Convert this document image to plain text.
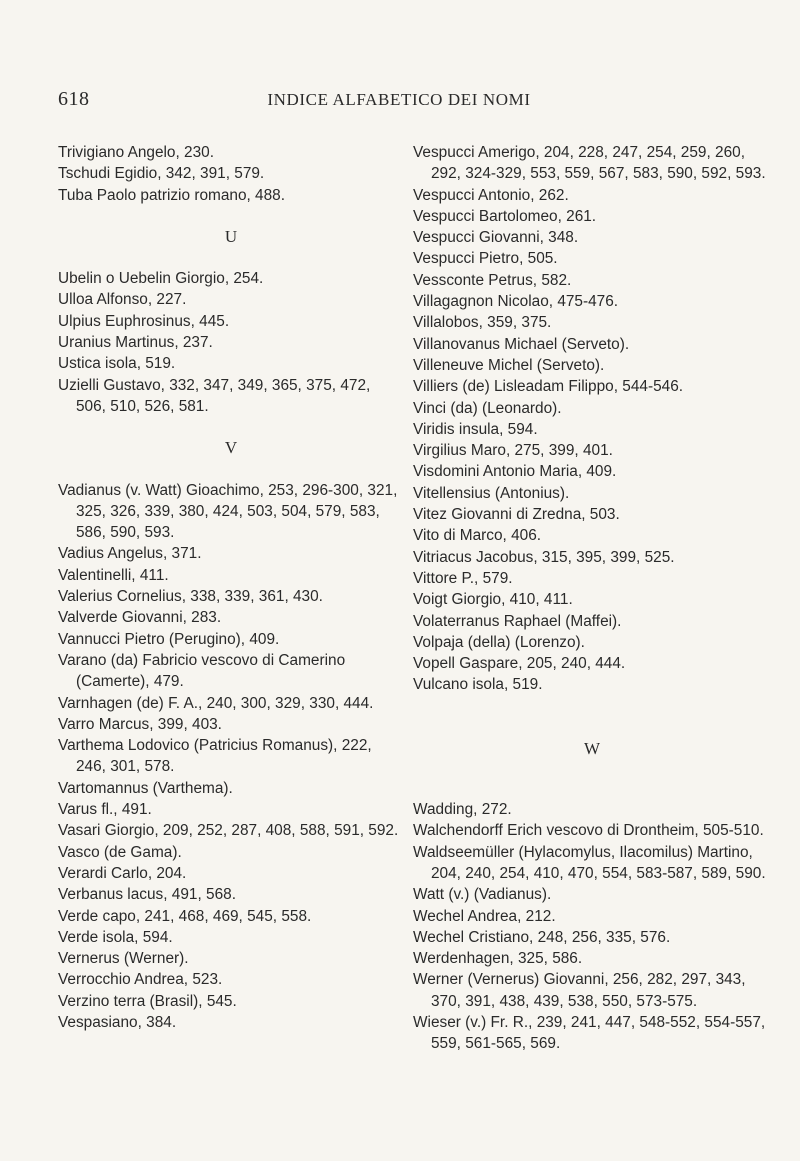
618	INDICE ALFABETICO DEI NOMI
Trivigiano Angelo, 230.
Tschudi Egidio, 342, 391, 579.
Tuba Paolo patrizio romano, 488.
U
Ubelin o Uebelin Giorgio, 254.
Ulloa Alfonso, 227.
Ulpius Euphrosinus, 445.
Uranius Martinus, 237.
Ustica isola, 519.
Uzielli Gustavo, 332, 347, 349, 365, 375, 472, 506, 510, 526, 581.
V
Vadianus (v. Watt) Gioachimo, 253, 296-300, 321, 325, 326, 339, 380, 424, 503, 504, 579, 583, 586, 590, 593.
Vadius Angelus, 371.
Valentinelli, 411.
Valerius Cornelius, 338, 339, 361, 430.
Valverde Giovanni, 283.
Vannucci Pietro (Perugino), 409.
Varano (da) Fabricio vescovo di Camerino (Camerte), 479.
Varnhagen (de) F. A., 240, 300, 329, 330, 444.
Varro Marcus, 399, 403.
Varthema Lodovico (Patricius Romanus), 222, 246, 301, 578.
Vartomannus (Varthema).
Varus fl., 491.
Vasari Giorgio, 209, 252, 287, 408, 588, 591, 592.
Vasco (de Gama).
Verardi Carlo, 204.
Verbanus lacus, 491, 568.
Verde capo, 241, 468, 469, 545, 558.
Verde isola, 594.
Vernerus (Werner).
Verrocchio Andrea, 523.
Verzino terra (Brasil), 545.
Vespasiano, 384.
Vespucci Amerigo, 204, 228, 247, 254, 259, 260, 292, 324-329, 553, 559, 567, 583, 590, 592, 593.
Vespucci Antonio, 262.
Vespucci Bartolomeo, 261.
Vespucci Giovanni, 348.
Vespucci Pietro, 505.
Vessconte Petrus, 582.
Villagagnon Nicolao, 475-476.
Villalobos, 359, 375.
Villanovanus Michael (Serveto).
Villeneuve Michel (Serveto).
Villiers (de) Lisleadam Filippo, 544-546.
Vinci (da) (Leonardo).
Viridis insula, 594.
Virgilius Maro, 275, 399, 401.
Visdomini Antonio Maria, 409.
Vitellensius (Antonius).
Vitez Giovanni di Zredna, 503.
Vito di Marco, 406.
Vitriacus Jacobus, 315, 395, 399, 525.
Vittore P., 579.
Voigt Giorgio, 410, 411.
Volaterranus Raphael (Maffei).
Volpaja (della) (Lorenzo).
Vopell Gaspare, 205, 240, 444.
Vulcano isola, 519.
W
Wadding, 272.
Walchendorff Erich vescovo di Drontheim, 505-510.
Waldseemüller (Hylacomylus, Ilacomilus) Martino, 204, 240, 254, 410, 470, 554, 583-587, 589, 590.
Watt (v.) (Vadianus).
Wechel Andrea, 212.
Wechel Cristiano, 248, 256, 335, 576.
Werdenhagen, 325, 586.
Werner (Vernerus) Giovanni, 256, 282, 297, 343, 370, 391, 438, 439, 538, 550, 573-575.
Wieser (v.) Fr. R., 239, 241, 447, 548-552, 554-557, 559, 561-565, 569.
